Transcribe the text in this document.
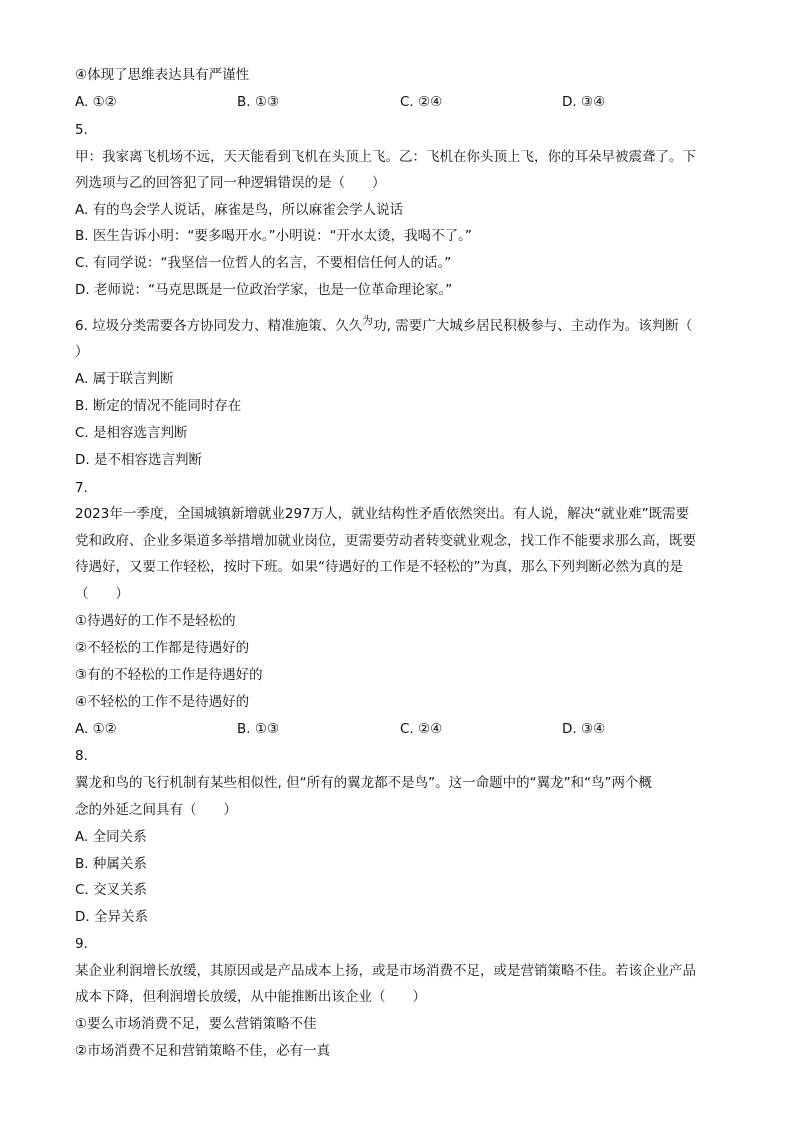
④体现了思维表达具有严谨性
A. ①②	B. ①③	C. ②④	D. ③④
5.
甲：我家离飞机场不远，天天能看到飞机在头顶上飞。乙：飞机在你头顶上飞，你的耳朵早被震聋了。下
列选项与乙的回答犯了同一种逻辑错误的是（　　）
A. 有的鸟会学人说话，麻雀是鸟，所以麻雀会学人说话
B. 医生告诉小明：“要多喝开水。”小明说：“开水太烫，我喝不了。”
C. 有同学说：“我坚信一位哲人的名言，不要相信任何人的话。”
D. 老师说：“马克思既是一位政治学家，也是一位革命理论家。”
6. 垃圾分类需要各方协同发力、精准施策、久久$^为$功, 需要广大城乡居民积极参与、主动作为。该判断（
）
A. 属于联言判断
B. 断定的情况不能同时存在
C. 是相容选言判断
D. 是不相容选言判断
7.
2023年一季度，全国城镇新增就业297万人，就业结构性矛盾依然突出。有人说，解决“就业难”既需要
党和政府、企业多渠道多举措增加就业岗位，更需要劳动者转变就业观念，找工作不能要求那么高，既要
待遇好，又要工作轻松，按时下班。如果“待遇好的工作是不轻松的”为真，那么下列判断必然为真的是
（　　）
①待遇好的工作不是轻松的
②不轻松的工作都是待遇好的
③有的不轻松的工作是待遇好的
④不轻松的工作不是待遇好的
A. ①②	B. ①③	C. ②④	D. ③④
8.
翼龙和鸟的飞行机制有某些相似性, 但“所有的翼龙都不是鸟”。这一命题中的“翼龙”和“鸟”两个概
念的外延之间具有（　　）
A. 全同关系
B. 种属关系
C. 交叉关系
D. 全异关系
9.
某企业利润增长放缓，其原因或是产品成本上扬，或是市场消费不足，或是营销策略不佳。若该企业产品
成本下降，但利润增长放缓，从中能推断出该企业（　　）
①要么市场消费不足，要么营销策略不佳
②市场消费不足和营销策略不佳，必有一真
